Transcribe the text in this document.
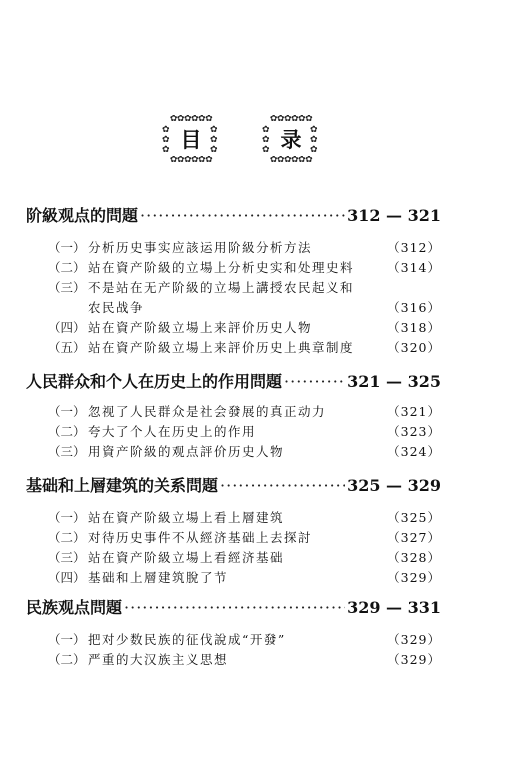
✿✿✿✿✿✿
✿
✿
✿
✿
✿
✿
目
✿✿✿✿✿✿
✿✿✿✿✿✿
✿
✿
✿
✿
✿
✿
录
✿✿✿✿✿✿
阶級观点的問題 ·····	312 — 321
（一） 分析历史事实应該运用阶級分析方法	（312）
（二） 站在資产阶級的立場上分析史实和处理史料	（314）
（三） 不是站在无产阶級的立場上講授农民起义和
农民战争	（316）
（四） 站在資产阶級立場上来評价历史人物	（318）
（五） 站在資产阶級立場上来評价历史上典章制度	（320）
人民群众和个人在历史上的作用問題 ·····	321 — 325
（一） 忽视了人民群众是社会發展的真正动力	（321）
（二） 夸大了个人在历史上的作用	（323）
（三） 用資产阶級的观点評价历史人物	（324）
基础和上層建筑的关系問題 ·····	325 — 329
（一） 站在資产阶級立場上看上層建筑	（325）
（二） 对待历史事件不从經济基础上去探討	（327）
（三） 站在資产阶級立場上看經济基础	（328）
（四） 基础和上層建筑脫了节	（329）
民族观点問題 ·····	329 — 331
（一） 把对少数民族的征伐說成“开發”	（329）
（二） 严重的大汉族主义思想	（329）
